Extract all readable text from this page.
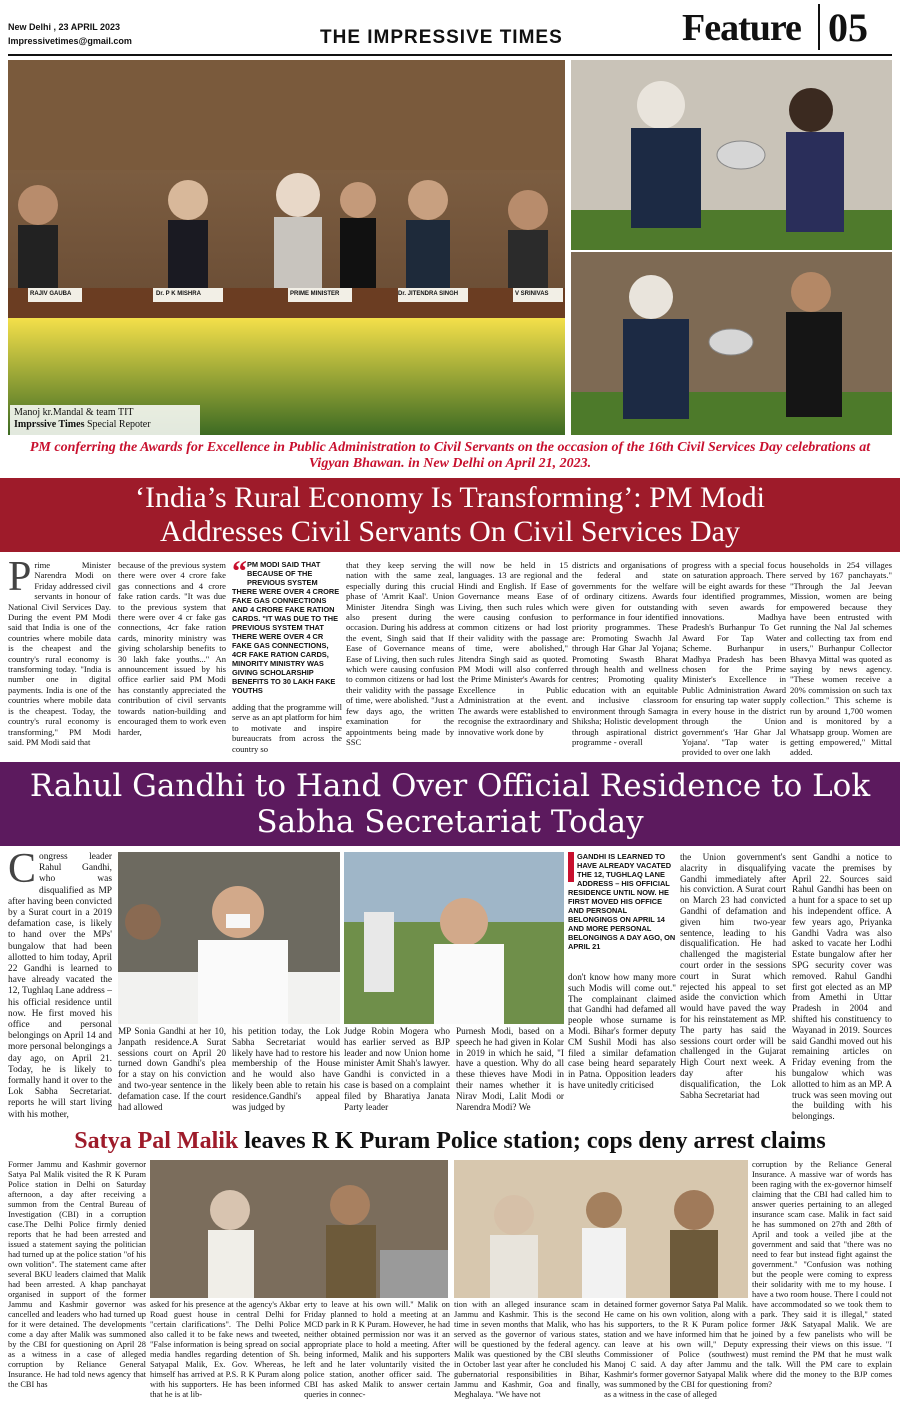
New Delhi , 23 APRIL 2023
Impressivetimes@gmail.com	THE IMPRESSIVE TIMES	Feature 05
RAJIV GAUBA	Dr. P K MISHRA	PRIME MINISTER	Dr. JITENDRA SINGH	V SRINIVAS
Manoj kr.Mandal & team TIT
Imprssive Times Special Repoter
PM conferring the Awards for Excellence in Public Administration to Civil Servants on the occasion of the 16th Civil Services Day celebrations at Vigyan Bhawan. in New Delhi on April 21, 2023.
‘India’s Rural Economy Is Transforming’: PM Modi
Addresses Civil Servants On Civil Services Day
Prime Minister Narendra Modi on Friday addressed civil servants in honour of National Civil Services Day. During the event PM Modi said that India is one of the countries where mobile data is the cheapest and the country's rural economy is transforming today. "India is number one in digital payments. India is one of the countries where mobile data is the cheapest. Today, the country's rural economy is transforming," PM Modi said. PM Modi said that
because of the previous system there were over 4 crore fake gas connections and 4 crore fake ration cards. "It was due to the previous system that there were over 4 cr fake gas connections, 4cr fake ration cards, minority ministry was giving scholarship benefits to 30 lakh fake youths..." An announcement issued by his office earlier said PM Modi has constantly appreciated the contribution of civil servants towards nation-building and encouraged them to work even harder,
“ PM MODI SAID THAT BECAUSE OF THE PREVIOUS SYSTEM THERE WERE OVER 4 CRORE FAKE GAS CONNECTIONS AND 4 CRORE FAKE RATION CARDS. "IT WAS DUE TO THE PREVIOUS SYSTEM THAT THERE WERE OVER 4 CR FAKE GAS CONNECTIONS, 4CR FAKE RATION CARDS, MINORITY MINISTRY WAS GIVING SCHOLARSHIP BENEFITS TO 30 LAKH FAKE YOUTHS
adding that the programme will serve as an apt platform for him to motivate and inspire bureaucrats from across the country so
that they keep serving the nation with the same zeal, especially during this crucial phase of 'Amrit Kaal'. Union Minister Jitendra Singh was also present during the occasion. During his address at the event, Singh said that If Ease of Governance means Ease of Living, then such rules which were causing confusion to common citizens or had lost their validity with the passage of time, were abolished. "Just a few days ago, the written examination for the appointments being made by SSC
will now be held in 15 languages. 13 are regional and Hindi and English. If Ease of Governance means Ease of Living, then such rules which were causing confusion to common citizens or had lost their validity with the passage of time, were abolished," Jitendra Singh said as quoted. PM Modi will also conferred the Prime Minister's Awards for Excellence in Public Administration at the event. The awards were established to recognise the extraordinary and innovative work done by
districts and organisations of the federal and state governments for the welfare of ordinary citizens. Awards were given for outstanding performance in four identified priority programmes. These are: Promoting Swachh Jal through Har Ghar Jal Yojana; Promoting Swasth Bharat through health and wellness centres; Promoting quality education with an equitable and inclusive classroom environment through Samagra Shiksha; Holistic development through aspirational district programme - overall
progress with a special focus on saturation approach. There will be eight awards for these four identified programmes, with seven awards for innovations. Madhya Pradesh's Burhanpur To Get Award For Tap Water Scheme. Burhanpur in Madhya Pradesh has been chosen for the Prime Minister's Excellence in Public Administration Award for ensuring tap water supply in every house in the district through the Union government's 'Har Ghar Jal Yojana'. "Tap water is provided to over one lakh
households in 254 villages served by 167 panchayats." "Through the Jal Jeevan Mission, women are being empowered because they have been entrusted with running the Nal Jal schemes and collecting tax from end users," Burhanpur Collector Bhavya Mittal was quoted as saying by news agency. "These women receive a 20% commission on such tax collection." This scheme is run by around 1,700 women and is monitored by a Whatsapp group. Women are getting empowered," Mittal added.
Rahul Gandhi to Hand Over Official Residence to Lok
Sabha Secretariat Today
Congress leader Rahul Gandhi, who was disqualified as MP after having been convicted by a Surat court in a 2019 defamation case, is likely to hand over the MPs' bungalow that had been allotted to him today, April 22 Gandhi is learned to have already vacated the 12, Tughlaq Lane address – his official residence until now. He first moved his office and personal belongings on April 14 and more personal belongings a day ago, on April 21. Today, he is likely to formally hand it over to the Lok Sabha Secretariat. reports he will start living with his mother,
MP Sonia Gandhi at her 10, Janpath residence.A Surat sessions court on April 20 turned down Gandhi's plea for a stay on his conviction and two-year sentence in the defamation case. If the court had allowed
his petition today, the Lok Sabha Secretariat would likely have had to restore his membership of the House and he would also have likely been able to retain his residence.Gandhi's appeal was judged by
Judge Robin Mogera who has earlier served as BJP leader and now Union home minister Amit Shah's lawyer. Gandhi is convicted in a case is based on a complaint filed by Bharatiya Janata Party leader
Purnesh Modi, based on a speech he had given in Kolar in 2019 in which he said, "I have a question. Why do all these thieves have Modi in their names whether it is Nirav Modi, Lalit Modi or Narendra Modi? We
GANDHI IS LEARNED TO HAVE ALREADY VACATED THE 12, TUGHLAQ LANE ADDRESS – HIS OFFICIAL RESIDENCE UNTIL NOW. HE FIRST MOVED HIS OFFICE AND PERSONAL BELONGINGS ON APRIL 14 AND MORE PERSONAL BELONGINGS A DAY AGO, ON APRIL 21
don't know how many more such Modis will come out." The complainant claimed that Gandhi had defamed all people whose surname is Modi. Bihar's former deputy CM Sushil Modi has also filed a similar defamation case being heard separately in Patna. Opposition leaders have unitedly criticised
the Union government's alacrity in disqualifying Gandhi immediately after his conviction. A Surat court on March 23 had convicted Gandhi of defamation and given him two-year sentence, leading to his disqualification. He had challenged the magisterial court order in the sessions court in Surat which rejected his appeal to set aside the conviction which would have paved the way for his reinstatement as MP. The party has said the sessions court order will be challenged in the Gujarat High Court next week. A day after his disqualification, the Lok Sabha Secretariat had
sent Gandhi a notice to vacate the premises by April 22. Sources said Rahul Gandhi has been on a hunt for a space to set up his independent office. A few years ago, Priyanka Gandhi Vadra was also asked to vacate her Lodhi Estate bungalow after her SPG security cover was removed. Rahul Gandhi first got elected as an MP from Amethi in Uttar Pradesh in 2004 and shifted his constituency to Wayanad in 2019. Sources said Gandhi moved out his remaining articles on Friday evening from the bungalow which was allotted to him as an MP. A truck was seen moving out the building with his belongings.
Satya Pal Malik leaves R K Puram Police station; cops deny arrest claims
Former Jammu and Kashmir governor Satya Pal Malik visited the R K Puram Police station in Delhi on Saturday afternoon, a day after receiving a summon from the Central Bureau of Investigation (CBI) in a corruption case.The Delhi Police firmly denied reports that he had been arrested and issued a statement saying the politician had turned up at the police station "of his own volition". The statement came after several BKU leaders claimed that Malik had been arrested. A khap panchayat organised in support of the former Jammu and Kashmir governor was cancelled and leaders who had turned up for it were detained. The developments come a day after Malik was summoned by the CBI for questioning on April 28 as a witness in a case of alleged corruption by Reliance General Insurance. He had told news agency that the CBI has
asked for his presence at the agency's Akbar Road guest house in central Delhi for "certain clarifications". The Delhi Police also called it to be fake news and tweeted, "False information is being spread on social media handles regarding detention of Sh. Satyapal Malik, Ex. Gov. Whereas, he himself has arrived at P.S. R K Puram along with his supporters. He has been informed that he is at lib-
erty to leave at his own will." Malik on Friday planned to hold a meeting at an MCD park in R K Puram. However, he had neither obtained permission nor was it an appropriate place to hold a meeting. After being informed, Malik and his supporters left and he later voluntarily visited the police station, another officer said. The CBI has asked Malik to answer certain queries in connec-
tion with an alleged insurance scam in Jammu and Kashmir. This is the second time in seven months that Malik, who has served as the governor of various states, will be questioned by the federal agency. Malik was questioned by the CBI sleuths in October last year after he concluded his gubernatorial responsibilities in Bihar, Jammu and Kashmir, Goa and finally, Meghalaya. "We have not
detained former governor Satya Pal Malik. He came on his own volition, along with his supporters, to the R K Puram police station and we have informed him that he can leave at his own will," Deputy Commissioner of Police (southwest) Manoj C said. A day after Jammu and Kashmir's former governor Satyapal Malik was summoned by the CBI for questioning as a witness in the case of alleged
corruption by the Reliance General Insurance. A massive war of words has been raging with the ex-governor himself claiming that the CBI had called him to answer queries pertaining to an alleged insurance scam case. Malik in fact said he has summoned on 27th and 28th of April and took a veiled jibe at the government and said that "there was no need to fear but instead fight against the government." "Confusion was nothing but the people were coming to express their solidarity with me to my house. I have a two room house. There I could not have accommodated so we took them to a park. They said it is illegal," stated former J&K Satyapal Malik. We are joined by a few panelists who will be expressing their views on this issue. "I must remind the PM that he must walk the talk. Will the PM care to explain where did the money to the BJP comes from?
